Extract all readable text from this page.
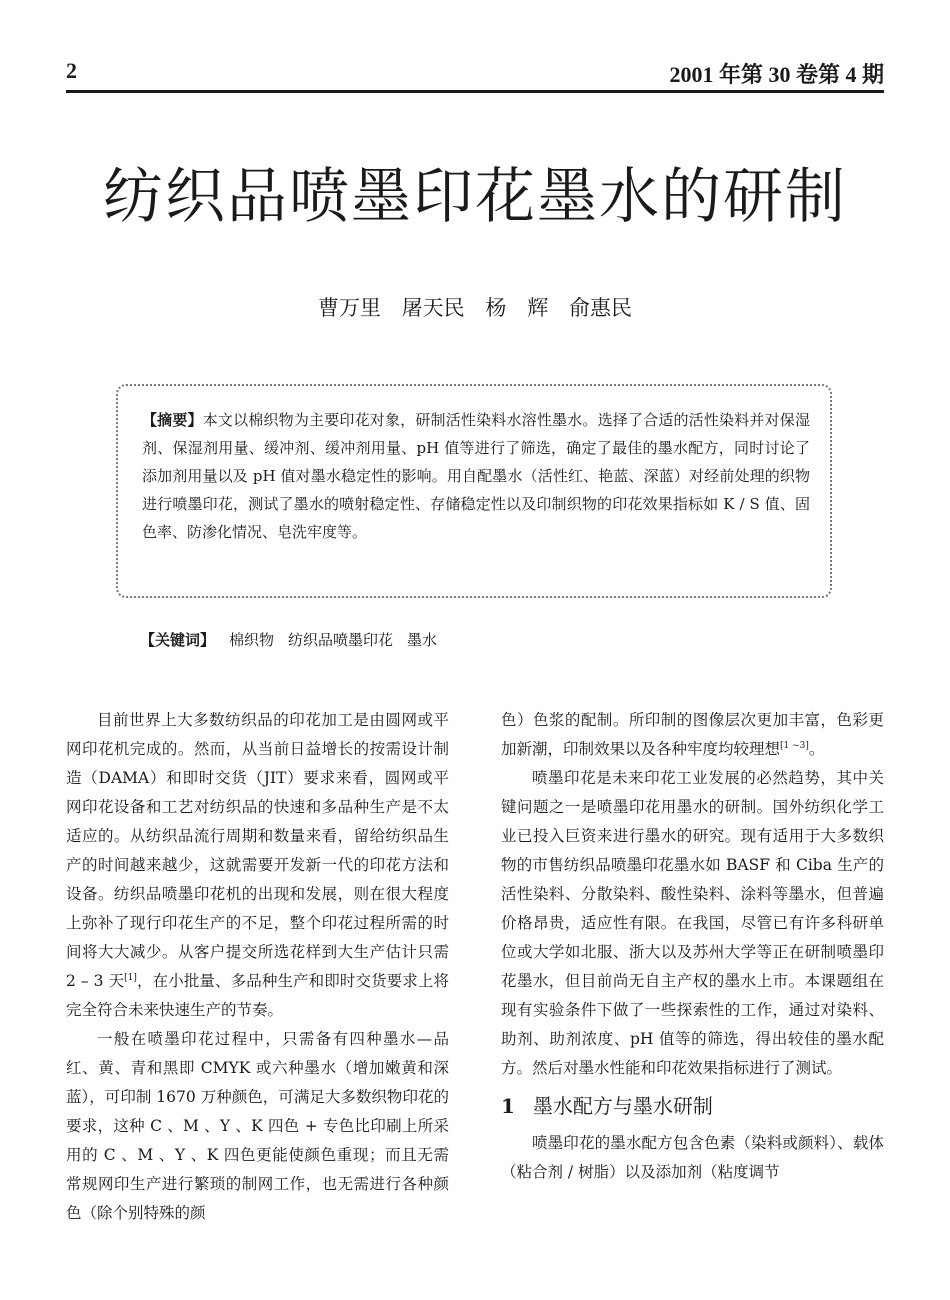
2	2001 年第 30 卷第 4 期
纺织品喷墨印花墨水的研制
曹万里 屠天民 杨　辉 俞惠民

【摘要】本文以棉织物为主要印花对象，研制活性染料水溶性墨水。选择了合适的活性染料并对保湿剂、保湿剂用量、缓冲剂、缓冲剂用量、pH 值等进行了筛选，确定了最佳的墨水配方，同时讨论了添加剂用量以及 pH 值对墨水稳定性的影响。用自配墨水（活性红、艳蓝、深蓝）对经前处理的织物进行喷墨印花，测试了墨水的喷射稳定性、存储稳定性以及印制织物的印花效果指标如 K / S 值、固色率、防渗化情况、皂洗牢度等。

【关键词】 棉织物 纺织品喷墨印花 墨水

目前世界上大多数纺织品的印花加工是由圆网或平网印花机完成的。然而，从当前日益增长的按需设计制造（DAMA）和即时交货（JIT）要求来看，圆网或平网印花设备和工艺对纺织品的快速和多品种生产是不太适应的。从纺织品流行周期和数量来看，留给纺织品生产的时间越来越少，这就需要开发新一代的印花方法和设备。纺织品喷墨印花机的出现和发展，则在很大程度上弥补了现行印花生产的不足，整个印花过程所需的时间将大大减少。从客户提交所选花样到大生产估计只需 2 – 3 天[1]，在小批量、多品种生产和即时交货要求上将完全符合未来快速生产的节奏。

一般在喷墨印花过程中，只需备有四种墨水—品红、黄、青和黑即 CMYK 或六种墨水（增加嫩黄和深蓝），可印制 1670 万种颜色，可满足大多数织物印花的要求，这种 C 、M 、Y 、K 四色 + 专色比印刷上所采用的 C 、M 、Y 、K 四色更能使颜色重现；而且无需常规网印生产进行繁琐的制网工作，也无需进行各种颜色（除个别特殊的颜

色）色浆的配制。所印制的图像层次更加丰富，色彩更加新潮，印制效果以及各种牢度均较理想[1 ~3]。

喷墨印花是未来印花工业发展的必然趋势，其中关键问题之一是喷墨印花用墨水的研制。国外纺织化学工业已投入巨资来进行墨水的研究。现有适用于大多数织物的市售纺织品喷墨印花墨水如 BASF 和 Ciba 生产的活性染料、分散染料、酸性染料、涂料等墨水，但普遍价格昂贵，适应性有限。在我国，尽管已有许多科研单位或大学如北服、浙大以及苏州大学等正在研制喷墨印花墨水，但目前尚无自主产权的墨水上市。本课题组在现有实验条件下做了一些探索性的工作，通过对染料、助剂、助剂浓度、pH 值等的筛选，得出较佳的墨水配方。然后对墨水性能和印花效果指标进行了测试。

1 墨水配方与墨水研制

喷墨印花的墨水配方包含色素（染料或颜料）、载体（粘合剂 / 树脂）以及添加剂（粘度调节
